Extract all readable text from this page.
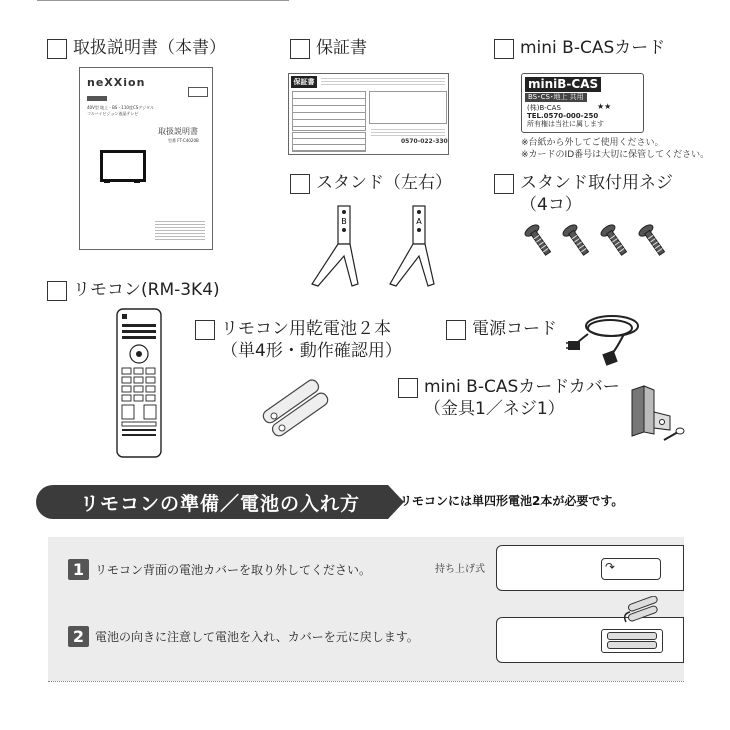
取扱説明書（本書）	保証書	mini B-CASカード
neXXion
40V型 地上・BS・110度CSデジタル
フルハイビジョン液晶テレビ
取扱説明書
型番 FT-C4020B
保証書
0570-022-330
miniB-CAS
BS･CS･地上 共用
(株)B-CAS	★★
TEL.0570-000-250
所有権は当社に属します
※台紙から外してご使用ください。
※カードのID番号は大切に保管してください。
スタンド（左右）	スタンド取付用ネジ
（4コ）
B	A
リモコン(RM-3K4)
リモコン用乾電池２本
（単4形・動作確認用）
電源コード
mini B-CASカードカバー
（金具1／ネジ1）
リモコンの準備／電池の入れ方	リモコンには単四形電池2本が必要です。
1 リモコン背面の電池カバーを取り外してください。	持ち上げ式	↷
2 電池の向きに注意して電池を入れ、カバーを元に戻します。
